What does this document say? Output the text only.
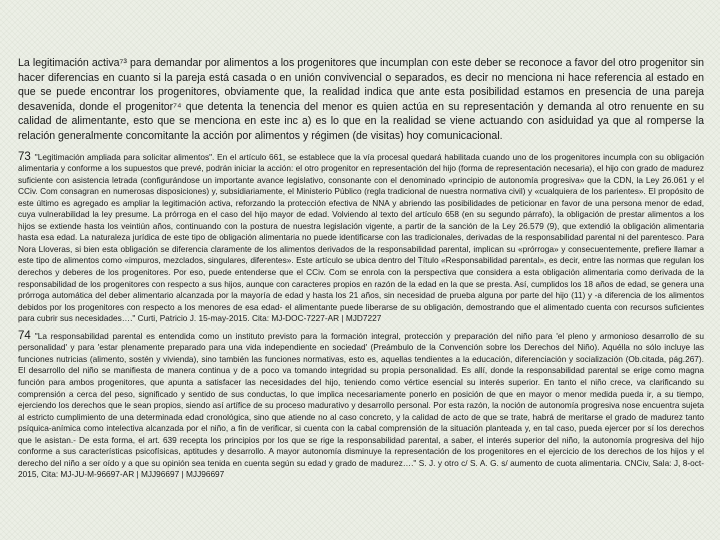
La legitimación activa⁷³ para demandar por alimentos a los progenitores que incumplan con este deber se reconoce a favor del otro progenitor sin hacer diferencias en cuanto si la pareja está casada o en unión convivencial o separados, es decir no menciona ni hace referencia al estado en que se puede encontrar los progenitores, obviamente que, la realidad indica que ante esta posibilidad estamos en presencia de una pareja desavenida, donde el progenitor⁷⁴ que detenta la tenencia del menor es quien actúa en su representación y demanda al otro renuente en su calidad de alimentante, esto que se menciona en este inc a) es lo que en la realidad se viene actuando con asiduidad ya que al romperse la relación generalmente concomitante la acción por alimentos y régimen (de visitas) hoy comunicacional.

73 "Legitimación ampliada para solicitar alimentos". En el artículo 661, se establece que la vía procesal quedará habilitada cuando uno de los progenitores incumpla con su obligación alimentaria y conforme a los supuestos que prevé, podrán iniciar la acción: el otro progenitor en representación del hijo (forma de representación necesaria), el hijo con grado de madurez suficiente con asistencia letrada (configurándose un importante avance legislativo, consonante con el denominado «principio de autonomía progresiva» que la CDN, la Ley 26.061 y el CCiv. Com consagran en numerosas disposiciones) y, subsidiariamente, el Ministerio Público (regla tradicional de nuestra normativa civil) y «cualquiera de los parientes». El propósito de este último es agregado es ampliar la legitimación activa, reforzando la protección efectiva de NNA y abriendo las posibilidades de peticionar en favor de una persona menor de edad, cuya vulnerabilidad la ley presume. La prórroga en el caso del hijo mayor de edad. Volviendo al texto del artículo 658 (en su segundo párrafo), la obligación de prestar alimentos a los hijos se extiende hasta los veintiún años, continuando con la postura de nuestra legislación vigente, a partir de la sanción de la Ley 26.579 (9), que extendió la obligación alimentaria hasta esa edad. La naturaleza jurídica de este tipo de obligación alimentaria no puede identificarse con las tradicionales, derivadas de la responsabilidad parental ni del parentesco. Para Nora Lloveras, si bien esta obligación se diferencia claramente de los alimentos derivados de la responsabilidad parental, implican su «prórroga» y consecuentemente, prefiere llamar a este tipo de alimentos como «impuros, mezclados, singulares, diferentes». Este artículo se ubica dentro del Título «Responsabilidad parental», es decir, entre las normas que regulan los derechos y deberes de los progenitores. Por eso, puede entenderse que el CCiv. Com se enrola con la perspectiva que considera a esta obligación alimentaria como derivada de la responsabilidad de los progenitores con respecto a sus hijos, aunque con caracteres propios en razón de la edad en la que se presta. Así, cumplidos los 18 años de edad, se genera una prórroga automática del deber alimentario alcanzada por la mayoría de edad y hasta los 21 años, sin necesidad de prueba alguna por parte del hijo (11) y -a diferencia de los alimentos debidos por los progenitores con respecto a los menores de esa edad- el alimentante puede liberarse de su obligación, demostrando que el alimentado cuenta con recursos suficientes para cubrir sus necesidades…." Curti, Patricio J. 15-may-2015. Cita: MJ-DOC-7227-AR | MJD7227

74 "La responsabilidad parental es entendida como un instituto previsto para la formación integral, protección y preparación del niño para 'el pleno y armonioso desarrollo de su personalidad' y para 'estar plenamente preparado para una vida independiente en sociedad' (Preámbulo de la Convención sobre los Derechos del Niño). Aquélla no sólo incluye las funciones nutricias (alimento, sostén y vivienda), sino también las funciones normativas, esto es, aquellas tendientes a la educación, diferenciación y socialización (Ob.citada, pág.267). El desarrollo del niño se manifiesta de manera continua y de a poco va tomando integridad su propia personalidad. Es allí, donde la responsabilidad parental se erige como magna función para ambos progenitores, que apunta a satisfacer las necesidades del hijo, teniendo como vértice esencial su interés superior. En tanto el niño crece, va clarificando su comprensión a cerca del peso, significado y sentido de sus conductas, lo que implica necesariamente ponerlo en posición de que en mayor o menor medida pueda ir, a su tiempo, ejerciendo los derechos que le sean propios, siendo así artífice de su proceso madurativo y desarrollo personal. Por esta razón, la noción de autonomía progresiva nose encuentra sujeta al estricto cumplimiento de una determinada edad cronológica, sino que atiende no al caso concreto, y la calidad de acto de que se trate, habrá de meritarse el grado de madurez tanto psíquica-anímica como intelectiva alcanzada por el niño, a fin de verificar, si cuenta con la cabal comprensión de la situación planteada y, en tal caso, pueda ejercer por sí los derechos que le asistan.- De esta forma, el art. 639 recepta los principios por los que se rige la responsabilidad parental, a saber, el interés superior del niño, la autonomía progresiva del hijo conforme a sus características psicofísicas, aptitudes y desarrollo. A mayor autonomía disminuye la representación de los progenitores en el ejercicio de los derechos de los hijos y el derecho del niño a ser oído y a que su opinión sea tenida en cuenta según su edad y grado de madurez…." S. J. y otro c/ S. A. G. s/ aumento de cuota alimentaria. CNCiv, Sala: J, 8-oct-2015, Cita: MJ-JU-M-96697-AR | MJJ96697 | MJJ96697
